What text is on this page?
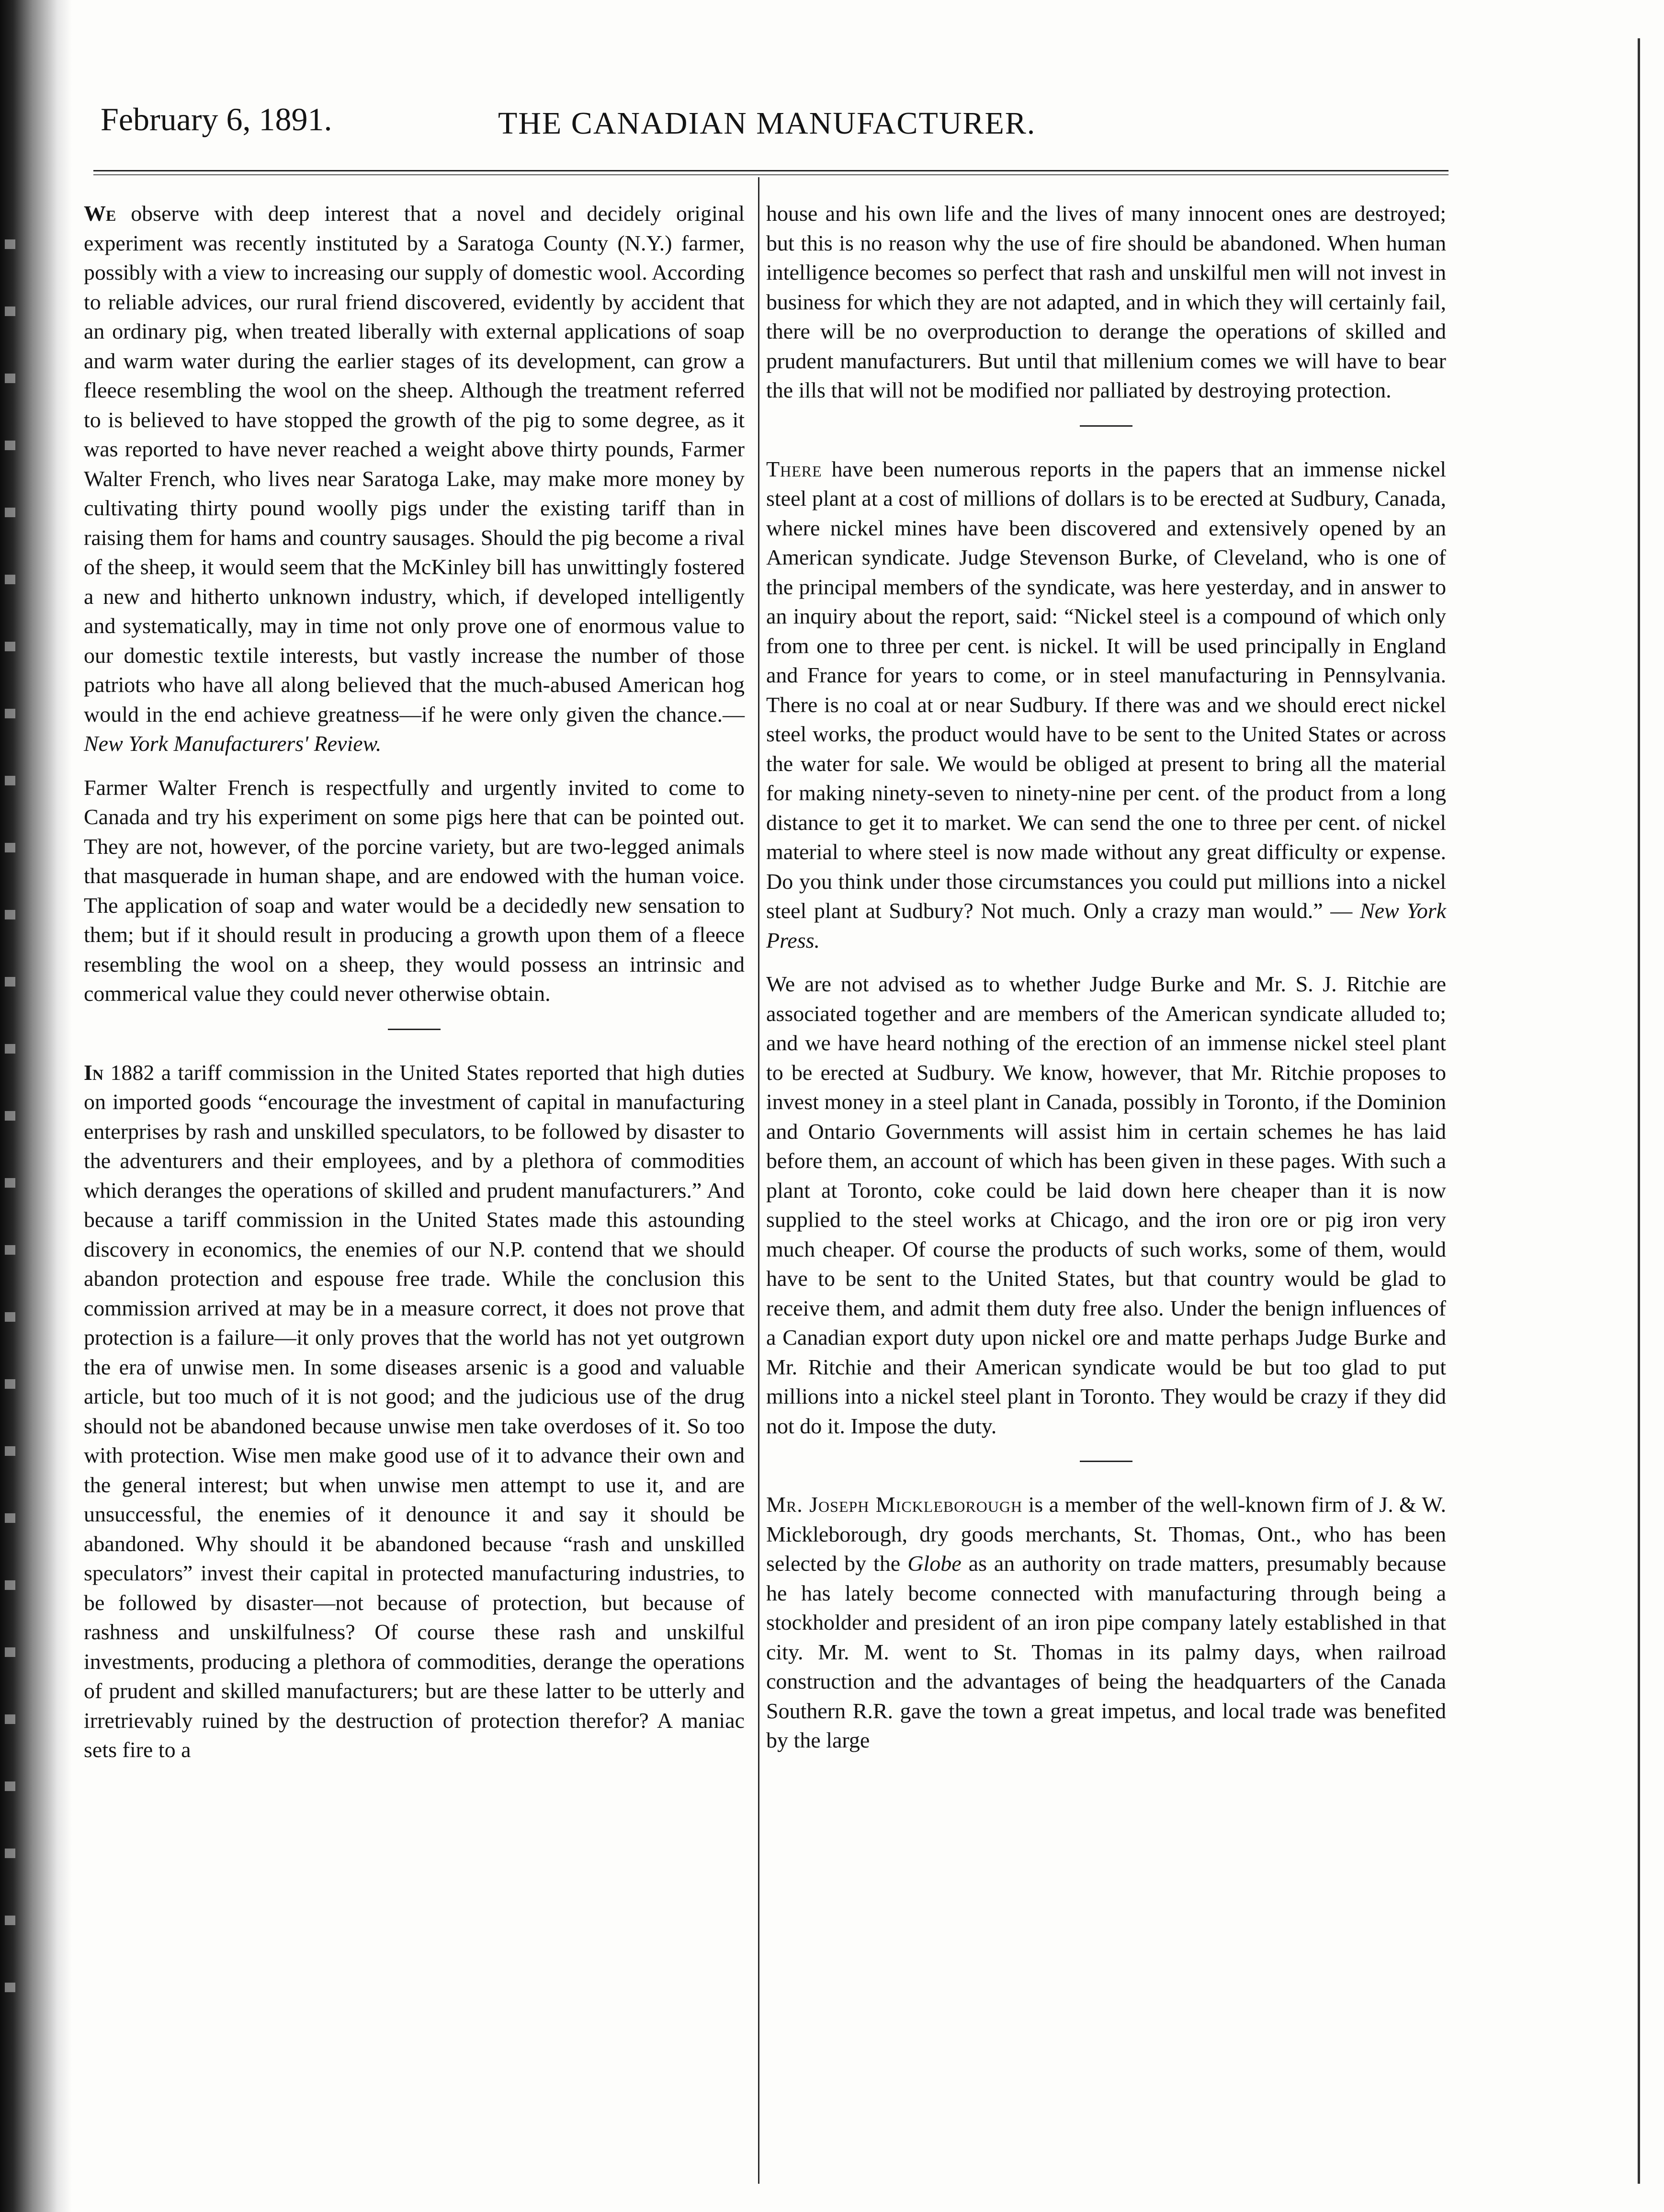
February 6, 1891.	THE CANADIAN MANUFACTURER.

We observe with deep interest that a novel and decidely original experiment was recently instituted by a Saratoga County (N.Y.) farmer, possibly with a view to increasing our supply of domestic wool. According to reliable advices, our rural friend discovered, evidently by accident that an ordinary pig, when treated liberally with external applications of soap and warm water during the earlier stages of its development, can grow a fleece resembling the wool on the sheep. Although the treatment referred to is believed to have stopped the growth of the pig to some degree, as it was reported to have never reached a weight above thirty pounds, Farmer Walter French, who lives near Saratoga Lake, may make more money by cultivating thirty pound woolly pigs under the existing tariff than in raising them for hams and country sausages. Should the pig become a rival of the sheep, it would seem that the McKinley bill has unwittingly fostered a new and hitherto unknown industry, which, if developed intelligently and systematically, may in time not only prove one of enormous value to our domestic textile interests, but vastly increase the number of those patriots who have all along believed that the much-abused American hog would in the end achieve greatness—if he were only given the chance.—New York Manufacturers' Review.

Farmer Walter French is respectfully and urgently invited to come to Canada and try his experiment on some pigs here that can be pointed out. They are not, however, of the porcine variety, but are two-legged animals that masquerade in human shape, and are endowed with the human voice. The application of soap and water would be a decidedly new sensation to them; but if it should result in producing a growth upon them of a fleece resembling the wool on a sheep, they would possess an intrinsic and commerical value they could never otherwise obtain.

In 1882 a tariff commission in the United States reported that high duties on imported goods “encourage the investment of capital in manufacturing enterprises by rash and unskilled speculators, to be followed by disaster to the adventurers and their employees, and by a plethora of commodities which deranges the operations of skilled and prudent manufacturers.” And because a tariff commission in the United States made this astounding discovery in economics, the enemies of our N.P. contend that we should abandon protection and espouse free trade. While the conclusion this commission arrived at may be in a measure correct, it does not prove that protection is a failure—it only proves that the world has not yet outgrown the era of unwise men. In some diseases arsenic is a good and valuable article, but too much of it is not good; and the judicious use of the drug should not be abandoned because unwise men take overdoses of it. So too with protection. Wise men make good use of it to advance their own and the general interest; but when unwise men attempt to use it, and are unsuccessful, the enemies of it denounce it and say it should be abandoned. Why should it be abandoned because “rash and unskilled speculators” invest their capital in protected manufacturing industries, to be followed by disaster—not because of protection, but because of rashness and unskilfulness? Of course these rash and unskilful investments, producing a plethora of commodities, derange the operations of prudent and skilled manufacturers; but are these latter to be utterly and irretrievably ruined by the destruction of protection therefor? A maniac sets fire to a

house and his own life and the lives of many innocent ones are destroyed; but this is no reason why the use of fire should be abandoned. When human intelligence becomes so perfect that rash and unskilful men will not invest in business for which they are not adapted, and in which they will certainly fail, there will be no overproduction to derange the operations of skilled and prudent manufacturers. But until that millenium comes we will have to bear the ills that will not be modified nor palliated by destroying protection.

There have been numerous reports in the papers that an immense nickel steel plant at a cost of millions of dollars is to be erected at Sudbury, Canada, where nickel mines have been discovered and extensively opened by an American syndicate. Judge Stevenson Burke, of Cleveland, who is one of the principal members of the syndicate, was here yesterday, and in answer to an inquiry about the report, said: “Nickel steel is a compound of which only from one to three per cent. is nickel. It will be used principally in England and France for years to come, or in steel manufacturing in Pennsylvania. There is no coal at or near Sudbury. If there was and we should erect nickel steel works, the product would have to be sent to the United States or across the water for sale. We would be obliged at present to bring all the material for making ninety-seven to ninety-nine per cent. of the product from a long distance to get it to market. We can send the one to three per cent. of nickel material to where steel is now made without any great difficulty or expense. Do you think under those circumstances you could put millions into a nickel steel plant at Sudbury? Not much. Only a crazy man would.” — New York Press.

We are not advised as to whether Judge Burke and Mr. S. J. Ritchie are associated together and are members of the American syndicate alluded to; and we have heard nothing of the erection of an immense nickel steel plant to be erected at Sudbury. We know, however, that Mr. Ritchie proposes to invest money in a steel plant in Canada, possibly in Toronto, if the Dominion and Ontario Governments will assist him in certain schemes he has laid before them, an account of which has been given in these pages. With such a plant at Toronto, coke could be laid down here cheaper than it is now supplied to the steel works at Chicago, and the iron ore or pig iron very much cheaper. Of course the products of such works, some of them, would have to be sent to the United States, but that country would be glad to receive them, and admit them duty free also. Under the benign influences of a Canadian export duty upon nickel ore and matte perhaps Judge Burke and Mr. Ritchie and their American syndicate would be but too glad to put millions into a nickel steel plant in Toronto. They would be crazy if they did not do it. Impose the duty.

Mr. Joseph Mickleborough is a member of the well-known firm of J. & W. Mickleborough, dry goods merchants, St. Thomas, Ont., who has been selected by the Globe as an authority on trade matters, presumably because he has lately become connected with manufacturing through being a stockholder and president of an iron pipe company lately established in that city. Mr. M. went to St. Thomas in its palmy days, when railroad construction and the advantages of being the headquarters of the Canada Southern R.R. gave the town a great impetus, and local trade was benefited by the large
